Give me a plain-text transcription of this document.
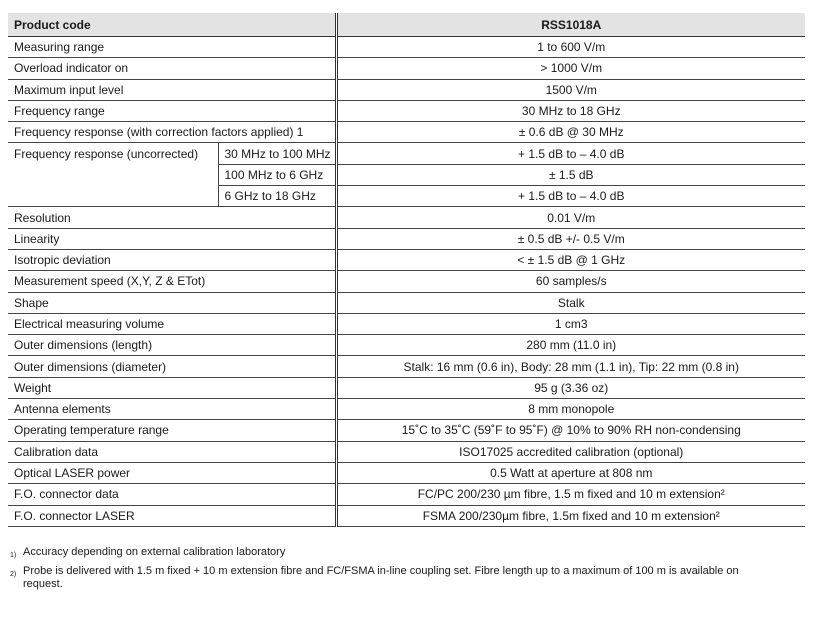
Product code		RSS1018A
Measuring range		1 to 600 V/m
Overload indicator on		> 1000 V/m
Maximum input level		1500 V/m
Frequency range		30 MHz to 18 GHz
Frequency response (with correction factors applied) 1		± 0.6 dB @ 30 MHz
Frequency response (uncorrected)	30 MHz to 100 MHz	+ 1.5 dB to – 4.0 dB
	100 MHz to 6 GHz	± 1.5 dB
	6 GHz to 18 GHz	+ 1.5 dB to – 4.0 dB
Resolution		0.01 V/m
Linearity		± 0.5 dB +/- 0.5 V/m
Isotropic deviation		< ± 1.5 dB @ 1 GHz
Measurement speed (X,Y, Z & ETot)		60 samples/s
Shape		Stalk
Electrical measuring volume		1 cm3
Outer dimensions (length)		280 mm (11.0 in)
Outer dimensions (diameter)		Stalk: 16 mm (0.6 in), Body: 28 mm (1.1 in), Tip: 22 mm (0.8 in)
Weight		95 g (3.36 oz)
Antenna elements		8 mm monopole
Operating temperature range		15˚C to 35˚C (59˚F to 95˚F) @ 10% to 90% RH non-condensing
Calibration data		ISO17025 accredited calibration (optional)
Optical LASER power		0.5 Watt at aperture at 808 nm
F.O. connector data		FC/PC 200/230 µm fibre, 1.5 m fixed and 10 m extension²
F.O. connector LASER		FSMA 200/230µm fibre, 1.5m fixed and 10 m extension²
1) Accuracy depending on external calibration laboratory
2) Probe is delivered with 1.5 m fixed + 10 m extension fibre and FC/FSMA in-line coupling set. Fibre length up to a maximum of 100 m is available on request.
